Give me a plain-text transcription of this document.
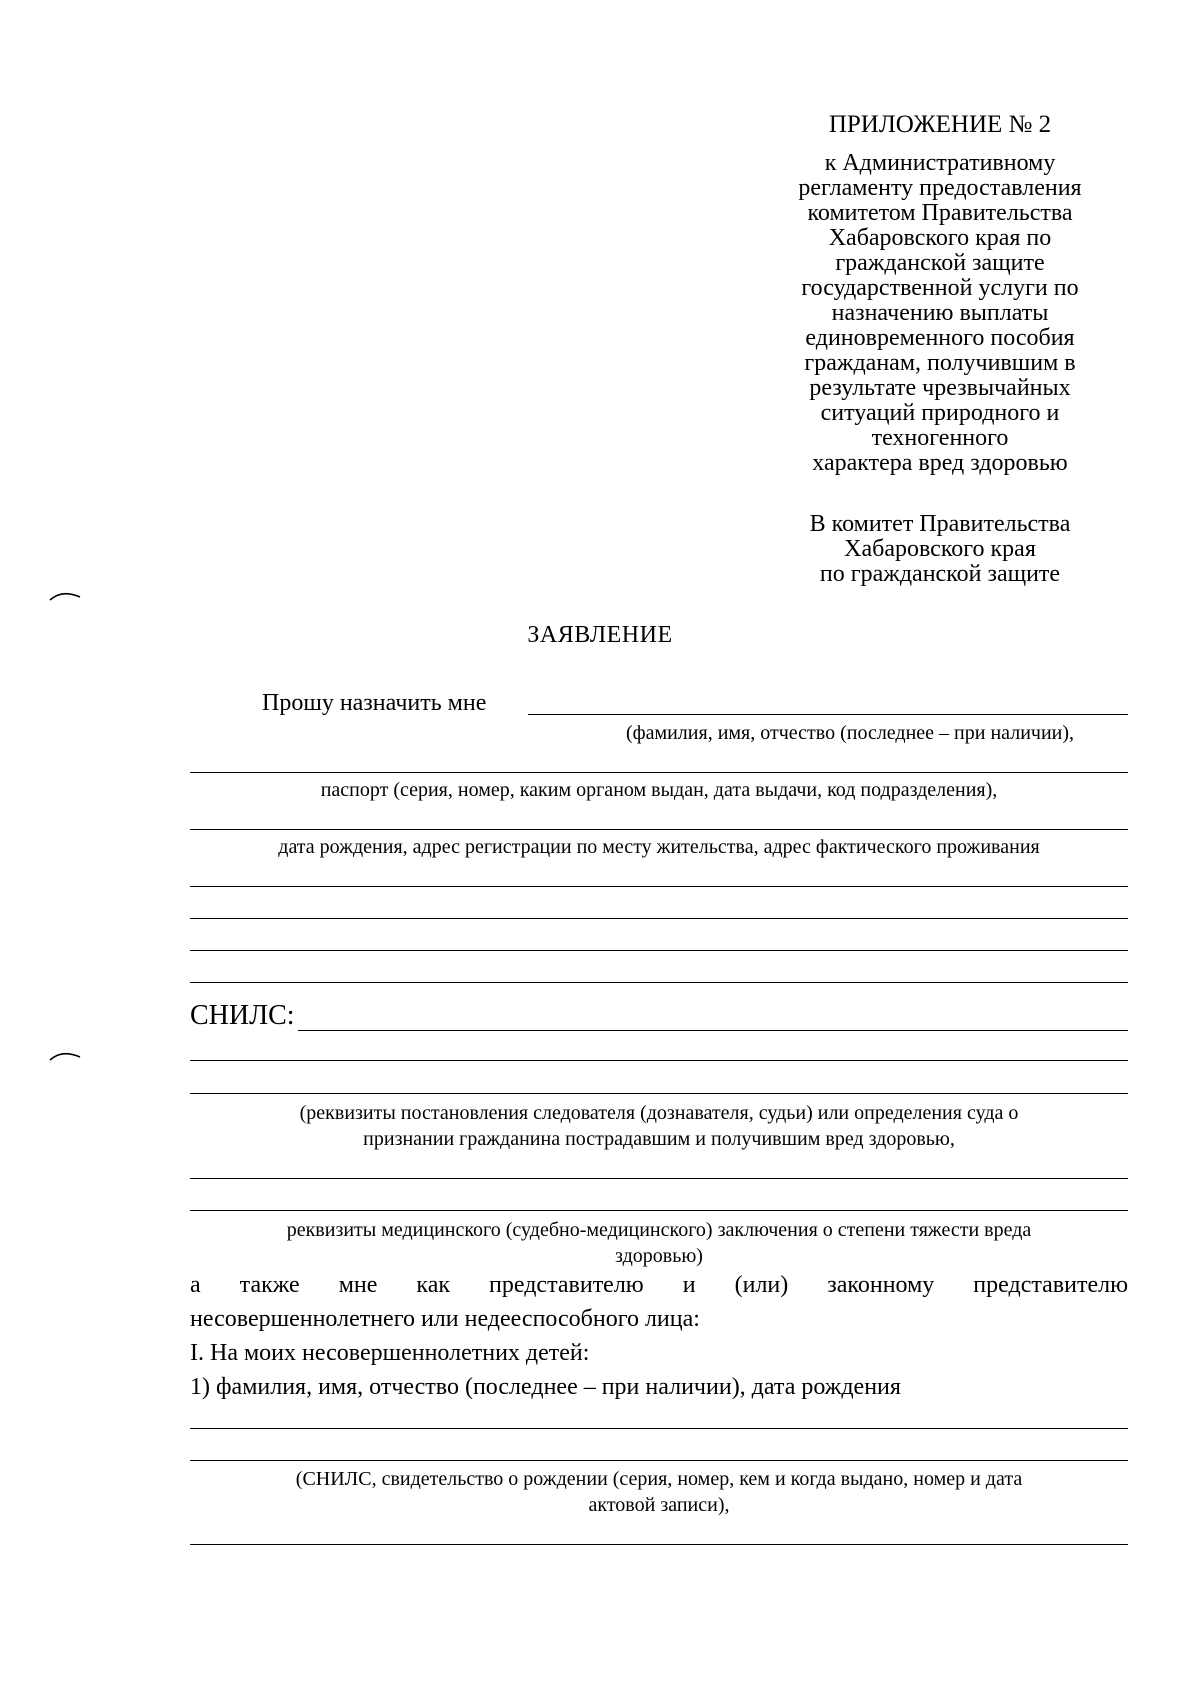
ПРИЛОЖЕНИЕ № 2
к Административному
регламенту предоставления
комитетом Правительства
Хабаровского края по
гражданской защите
государственной услуги по
назначению выплаты
единовременного пособия
гражданам, получившим в
результате чрезвычайных
ситуаций природного и
техногенного
характера вред здоровью
В комитет Правительства
Хабаровского края
по гражданской защите
ЗАЯВЛЕНИЕ
Прошу назначить мне
(фамилия, имя, отчество (последнее – при наличии),
паспорт (серия, номер, каким органом выдан, дата выдачи, код подразделения),
дата рождения, адрес регистрации по месту жительства, адрес фактического проживания
СНИЛС:
(реквизиты постановления следователя (дознавателя, судьи) или определения суда о
признании гражданина пострадавшим и получившим вред здоровью,
реквизиты медицинского (судебно-медицинского) заключения о степени тяжести вреда
здоровью)
а также мне как представителю и (или) законному представителю
несовершеннолетнего или недееспособного лица:
I. На моих несовершеннолетних детей:
1) фамилия, имя, отчество (последнее – при наличии), дата рождения
(СНИЛС, свидетельство о рождении (серия, номер, кем и когда выдано, номер и дата
актовой записи),
